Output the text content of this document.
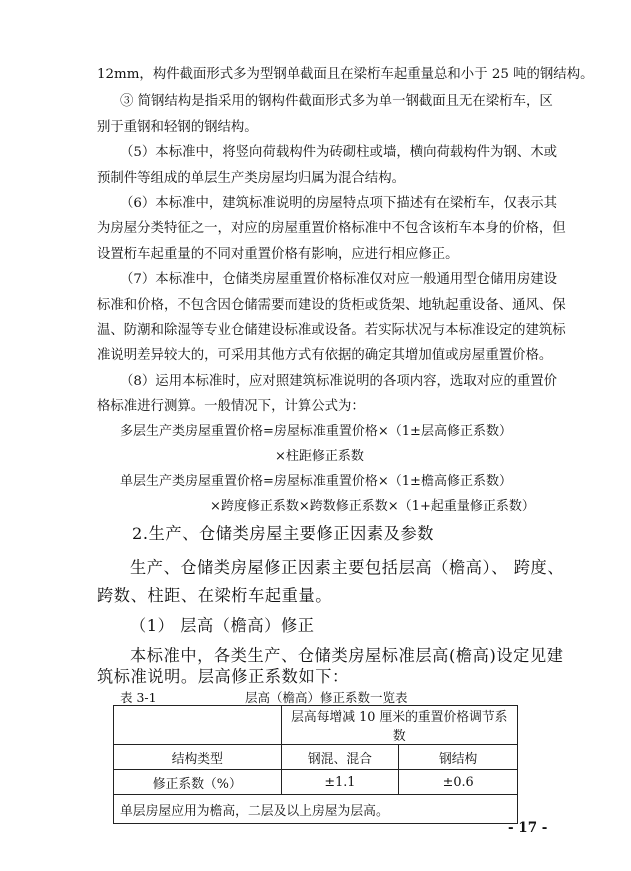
12mm，构件截面形式多为型钢单截面且在梁桁车起重量总和小于 25 吨的钢结构。
③ 简钢结构是指采用的钢构件截面形式多为单一钢截面且无在梁桁车，区
别于重钢和轻钢的钢结构。
（5）本标准中，将竖向荷载构件为砖砌柱或墙，横向荷载构件为钢、木或
预制件等组成的单层生产类房屋均归属为混合结构。
（6）本标准中，建筑标准说明的房屋特点项下描述有在梁桁车，仅表示其
为房屋分类特征之一，对应的房屋重置价格标准中不包含该桁车本身的价格，但
设置桁车起重量的不同对重置价格有影响，应进行相应修正。
（7）本标准中，仓储类房屋重置价格标准仅对应一般通用型仓储用房建设
标准和价格，不包含因仓储需要而建设的货柜或货架、地轨起重设备、通风、保
温、防潮和除湿等专业仓储建设标准或设备。若实际状况与本标准设定的建筑标
准说明差异较大的，可采用其他方式有依据的确定其增加值或房屋重置价格。
（8）运用本标准时，应对照建筑标准说明的各项内容，选取对应的重置价
格标准进行测算。一般情况下，计算公式为：
多层生产类房屋重置价格=房屋标准重置价格×（1±层高修正系数）
×柱距修正系数
单层生产类房屋重置价格=房屋标准重置价格×（1±檐高修正系数）
×跨度修正系数×跨数修正系数×（1+起重量修正系数）
2.生产、仓储类房屋主要修正因素及参数
生产、仓储类房屋修正因素主要包括层高（檐高）、 跨度、
跨数、柱距、在梁桁车起重量。
（1） 层高（檐高）修正
本标准中，各类生产、仓储类房屋标准层高(檐高)设定见建
筑标准说明。层高修正系数如下：
表 3-1	层高（檐高）修正系数一览表
	层高每增减 10 厘米的重置价格调节系数	
结构类型	钢混、混合	钢结构
修正系数（%）	±1.1	±0.6
单层房屋应用为檐高，二层及以上房屋为层高。		
- 17 -
